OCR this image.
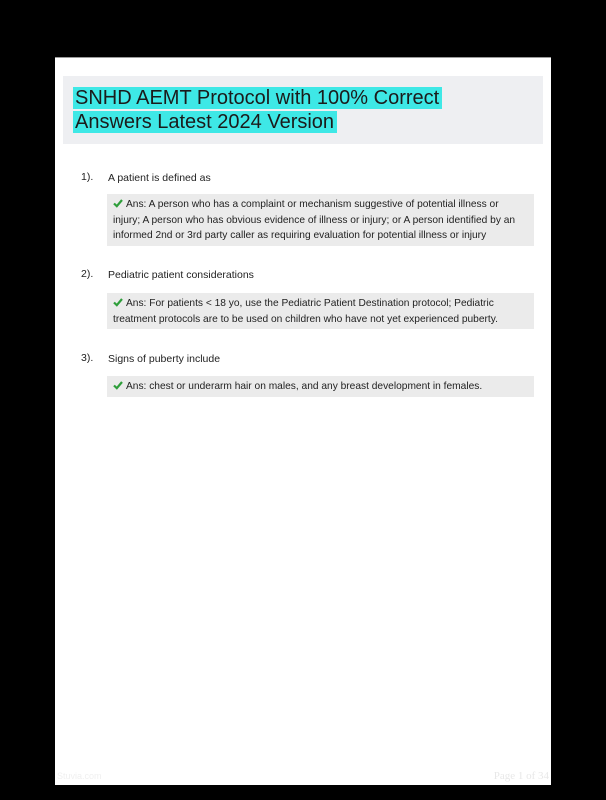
SNHD AEMT Protocol with 100% Correct
Answers Latest 2024 Version
1). A patient is defined as
Ans: A person who has a complaint or mechanism suggestive of potential illness or injury; A person who has obvious evidence of illness or injury; or A person identified by an informed 2nd or 3rd party caller as requiring evaluation for potential illness or injury
2). Pediatric patient considerations
Ans: For patients < 18 yo, use the Pediatric Patient Destination protocol; Pediatric treatment protocols are to be used on children who have not yet experienced puberty.
3). Signs of puberty include
Ans: chest or underarm hair on males, and any breast development in females.
Stuvia.com	Page 1 of 34
